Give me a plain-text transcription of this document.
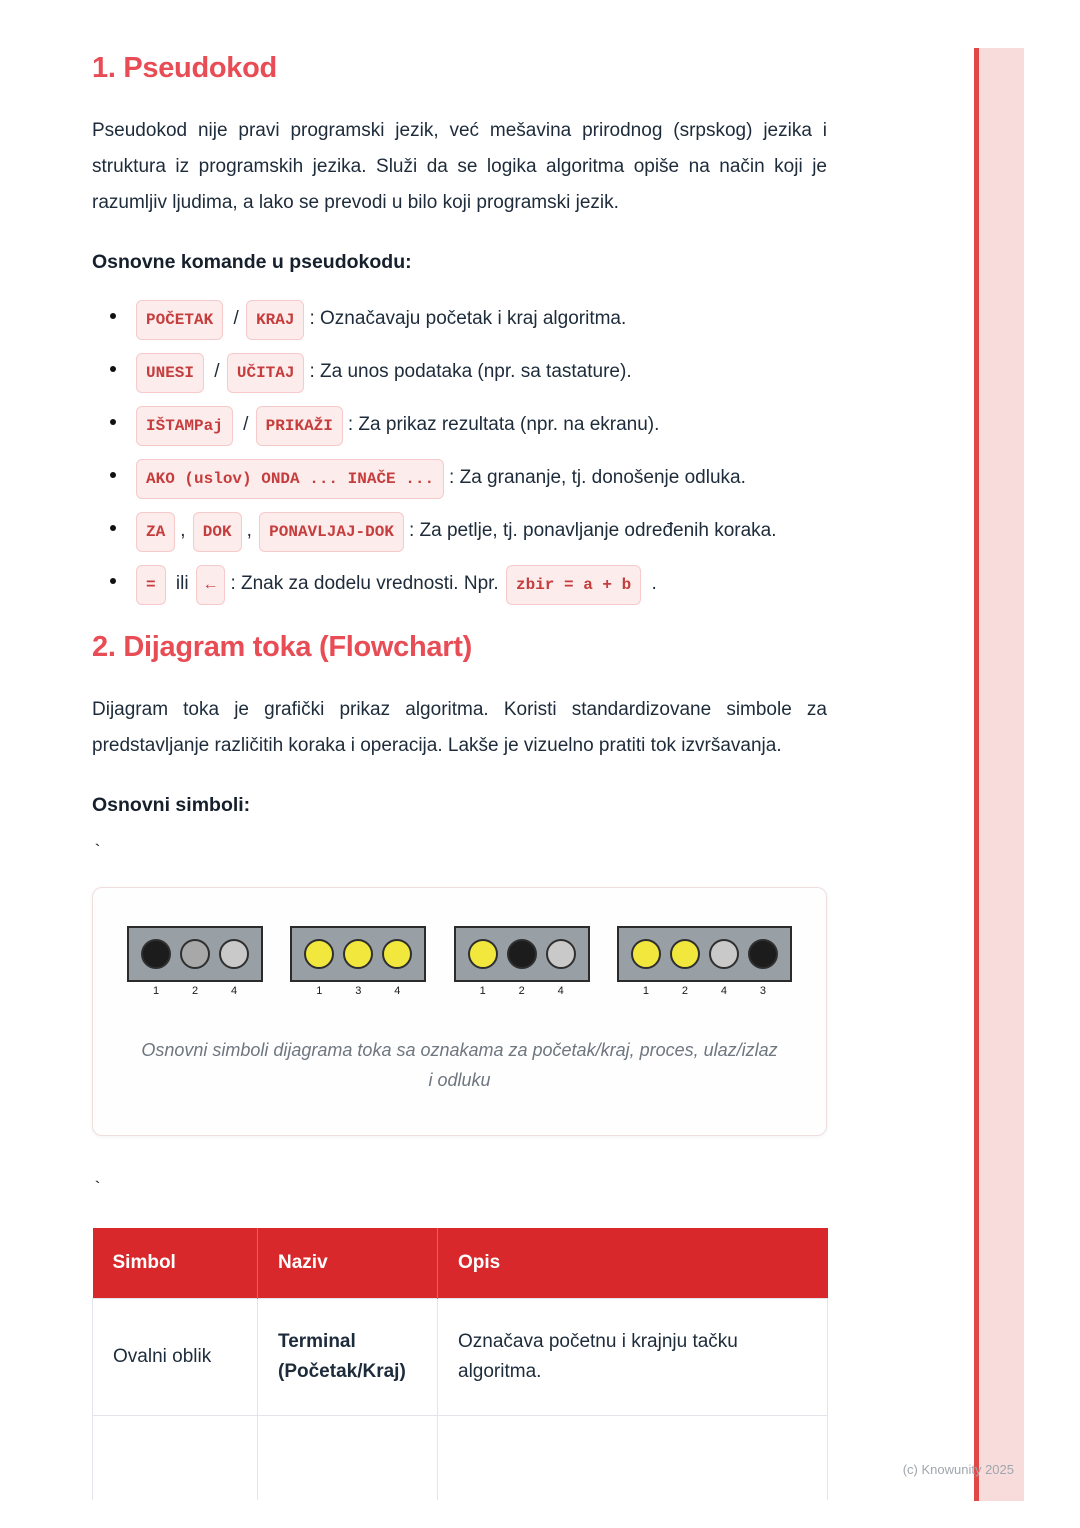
1. Pseudokod

Pseudokod nije pravi programski jezik, već mešavina prirodnog (srpskog) jezika i struktura iz programskih jezika. Služi da se logika algoritma opiše na način koji je razumljiv ljudima, a lako se prevodi u bilo koji programski jezik.

Osnovne komande u pseudokodu:

POČETAK / KRAJ : Označavaju početak i kraj algoritma.
UNESI / UČITAJ : Za unos podataka (npr. sa tastature).
IŠTAMPaj / PRIKAŽI : Za prikaz rezultata (npr. na ekranu).
AKO (uslov) ONDA ... INAČE ... : Za grananje, tj. donošenje odluka.
ZA , DOK , PONAVLJAJ-DOK : Za petlje, tj. ponavljanje određenih koraka.
= ili ← : Znak za dodelu vrednosti. Npr. zbir = a + b .
2. Dijagram toka (Flowchart)

Dijagram toka je grafički prikaz algoritma. Koristi standardizovane simbole za predstavljanje različitih koraka i operacija. Lakše je vizuelno pratiti tok izvršavanja.

Osnovni simboli:

`
1	2	4	1	3	4	1	2	4	1	2	4	3
Osnovni simboli dijagrama toka sa oznakama za početak/kraj, proces, ulaz/izlaz i odluku
`
Simbol	Naziv	Opis
Ovalni oblik	Terminal (Početak/Kraj)	Označava početnu i krajnju tačku algoritma.

(c) Knowunity 2025
